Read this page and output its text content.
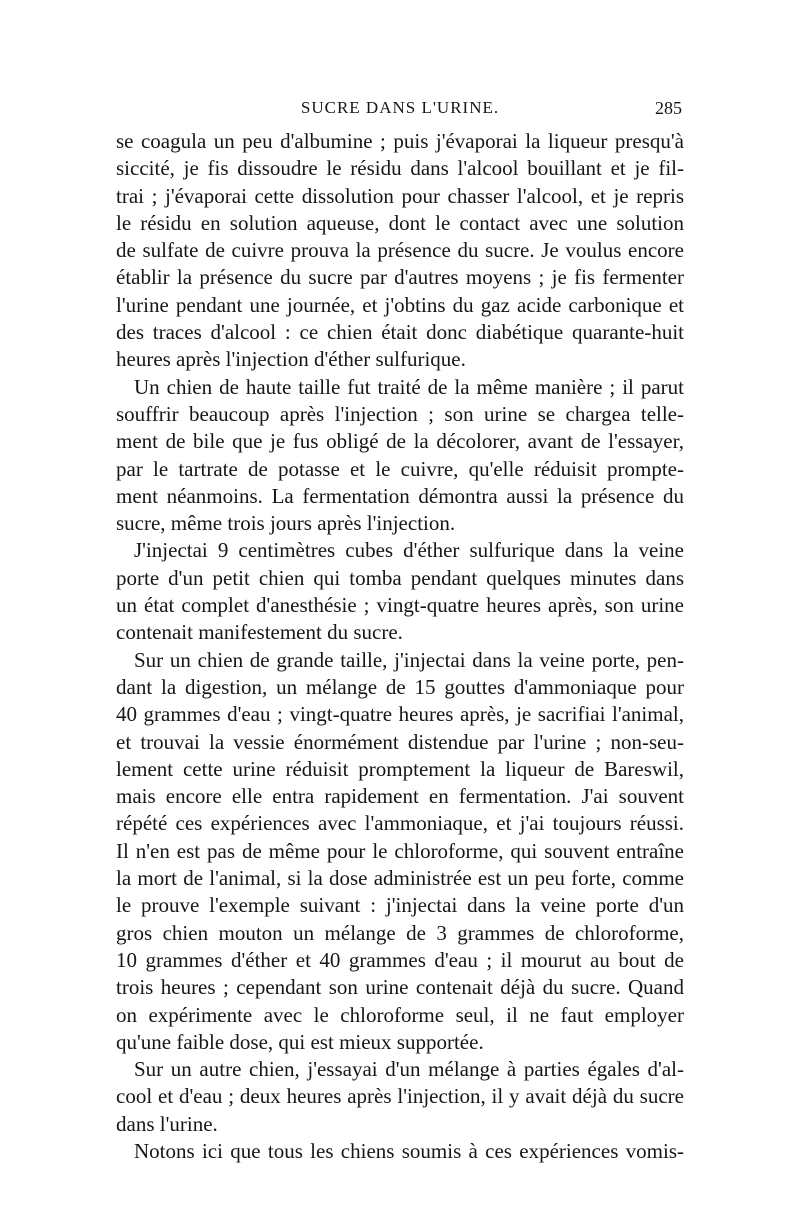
SUCRE DANS L'URINE.	285
se coagula un peu d'albumine ; puis j'évaporai la liqueur presqu'à
siccité, je fis dissoudre le résidu dans l'alcool bouillant et je fil-
trai ; j'évaporai cette dissolution pour chasser l'alcool, et je repris
le résidu en solution aqueuse, dont le contact avec une solution
de sulfate de cuivre prouva la présence du sucre. Je voulus encore
établir la présence du sucre par d'autres moyens ; je fis fermenter
l'urine pendant une journée, et j'obtins du gaz acide carbonique et
des traces d'alcool : ce chien était donc diabétique quarante-huit
heures après l'injection d'éther sulfurique.
Un chien de haute taille fut traité de la même manière ; il parut
souffrir beaucoup après l'injection ; son urine se chargea telle-
ment de bile que je fus obligé de la décolorer, avant de l'essayer,
par le tartrate de potasse et le cuivre, qu'elle réduisit prompte-
ment néanmoins. La fermentation démontra aussi la présence du
sucre, même trois jours après l'injection.
J'injectai 9 centimètres cubes d'éther sulfurique dans la veine
porte d'un petit chien qui tomba pendant quelques minutes dans
un état complet d'anesthésie ; vingt-quatre heures après, son urine
contenait manifestement du sucre.
Sur un chien de grande taille, j'injectai dans la veine porte, pen-
dant la digestion, un mélange de 15 gouttes d'ammoniaque pour
40 grammes d'eau ; vingt-quatre heures après, je sacrifiai l'animal,
et trouvai la vessie énormément distendue par l'urine ; non-seu-
lement cette urine réduisit promptement la liqueur de Bareswil,
mais encore elle entra rapidement en fermentation. J'ai souvent
répété ces expériences avec l'ammoniaque, et j'ai toujours réussi.
Il n'en est pas de même pour le chloroforme, qui souvent entraîne
la mort de l'animal, si la dose administrée est un peu forte, comme
le prouve l'exemple suivant : j'injectai dans la veine porte d'un
gros chien mouton un mélange de 3 grammes de chloroforme,
10 grammes d'éther et 40 grammes d'eau ; il mourut au bout de
trois heures ; cependant son urine contenait déjà du sucre. Quand
on expérimente avec le chloroforme seul, il ne faut employer
qu'une faible dose, qui est mieux supportée.
Sur un autre chien, j'essayai d'un mélange à parties égales d'al-
cool et d'eau ; deux heures après l'injection, il y avait déjà du sucre
dans l'urine.
Notons ici que tous les chiens soumis à ces expériences vomis-
